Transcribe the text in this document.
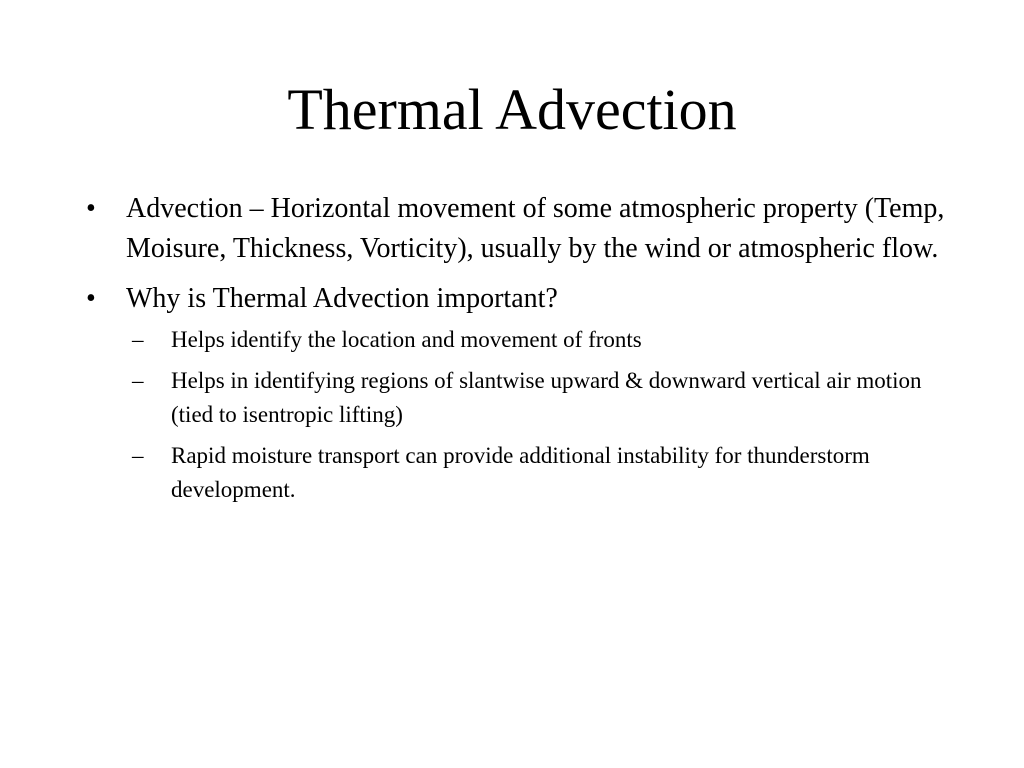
Thermal Advection
• Advection – Horizontal movement of some atmospheric property (Temp, Moisure, Thickness, Vorticity), usually by the wind or atmospheric flow.
• Why is Thermal Advection important?
– Helps identify the location and movement of fronts
– Helps in identifying regions of slantwise upward & downward vertical air motion (tied to isentropic lifting)
– Rapid moisture transport can provide additional instability for thunderstorm development.
